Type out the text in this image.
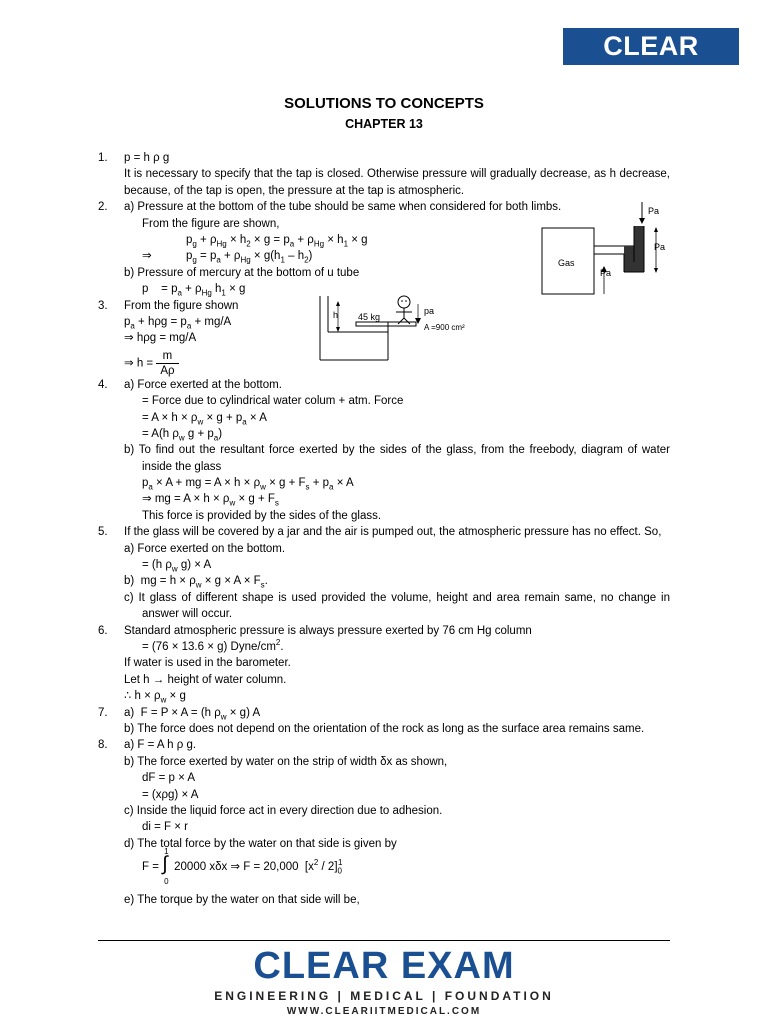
CLEAR EXAM
SOLUTIONS TO CONCEPTS
CHAPTER 13
1. p = h ρ g
It is necessary to specify that the tap is closed. Otherwise pressure will gradually decrease, as h decrease, because, of the tap is open, the pressure at the tap is atmospheric.
2. a) Pressure at the bottom of the tube should be same when considered for both limbs.
From the figure are shown,
$p_g + \rho_{Hg} \times h_2 \times g = p_a + \rho_{Hg} \times h_1 \times g$
⇒	$p_g = p_a + \rho_{Hg} \times g(h_1 - h_2)$
b) Pressure of mercury at the bottom of u tube
p    = $p_a + \rho_{Hg}$ $h_1 \times g$
3. From the figure shown
$p_a + h\rho g = p_a + mg/A$
⇒ hρg = mg/A
⇒ $h = \frac{m}{A\rho}$
4. a) Force exerted at the bottom.
= Force due to cylindrical water colum + atm. Force
= $A \times h \times \rho_w \times g + p_a \times A$
= A(h $\rho_w$ $g + p_a$)
b) To find out the resultant force exerted by the sides of the glass, from the freebody, diagram of water inside the glass
$p_a \times A$ + mg = $A \times h \times \rho_w \times g + F_s + p_a \times A$
⇒ mg = $A \times h \times \rho_w \times g + F_s$
This force is provided by the sides of the glass.
5. If the glass will be covered by a jar and the air is pumped out, the atmospheric pressure has no effect. So,
a) Force exerted on the bottom.
= (h $\rho_w$ g) × A
b)  mg = $h \times \rho_w \times g \times A \times F_s$.
c) It glass of different shape is used provided the volume, height and area remain same, no change in answer will occur.
6. Standard atmospheric pressure is always pressure exerted by 76 cm Hg column
= (76 × 13.6 × g) Dyne/$cm^2$.
If water is used in the barometer.
Let h → height of water column.
∴ $h \times \rho_w \times g$
7. a)  F = P × A = (h $\rho_w \times g$) A
b) The force does not depend on the orientation of the rock as long as the surface area remains same.
8. a) F = A h ρ g.
b) The force exerted by water on the strip of width δx as shown,
dF = p × A
= (xρg) × A
c) Inside the liquid force act in every direction due to adhesion.
di = F × r
d) The total force by the water on that side is given by
F =
1
∫
0
20000 xδx ⇒ F = 20,000  $[x^2 / 2]_0^1$
e) The torque by the water on that side will be,
Gas
Pa
Pa
Pa
h 45 kg
pa
A =900 cm²
CLEAR EXAM
ENGINEERING | MEDICAL | FOUNDATION
WWW.CLEARIITMEDICAL.COM
